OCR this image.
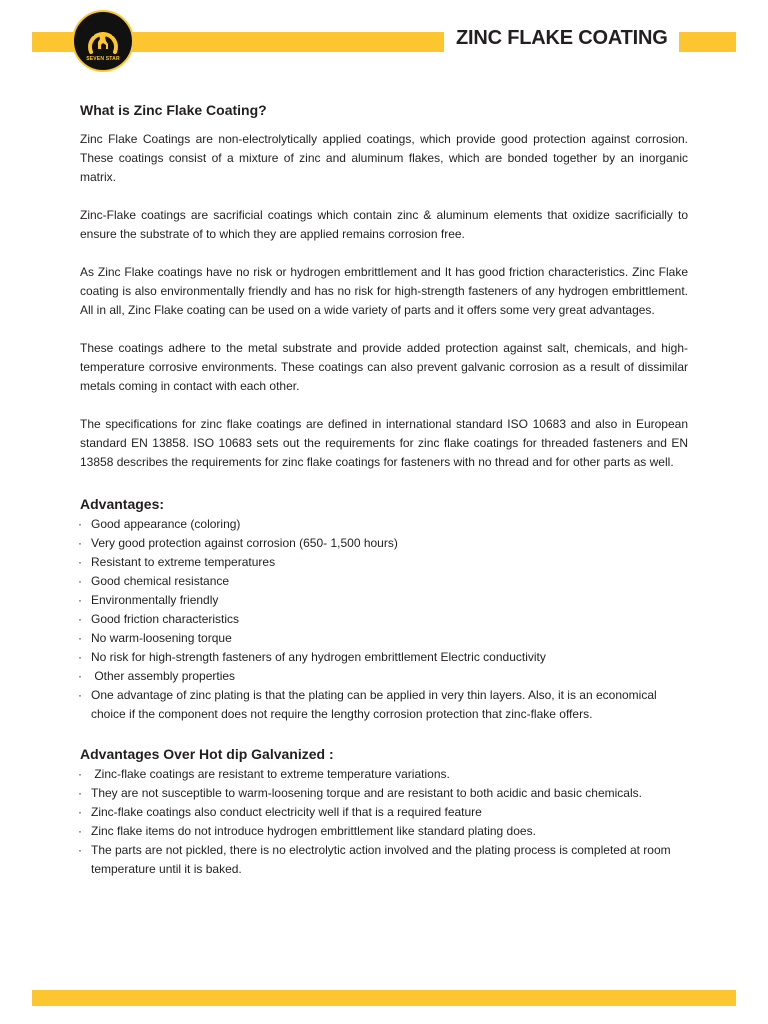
SEVEN STAR
ZINC FLAKE COATING
What is Zinc Flake Coating?

Zinc Flake Coatings are non-electrolytically applied coatings, which provide good protection against corrosion. These coatings consist of a mixture of zinc and aluminum flakes, which are bonded together by an inorganic matrix.

Zinc-Flake coatings are sacrificial coatings which contain zinc & aluminum elements that oxidize sacrificially to ensure the substrate of to which they are applied remains corrosion free.

As Zinc Flake coatings have no risk or hydrogen embrittlement and It has good friction characteristics. Zinc Flake coating is also environmentally friendly and has no risk for high-strength fasteners of any hydrogen embrittlement. All in all, Zinc Flake coating can be used on a wide variety of parts and it offers some very great advantages.

These coatings adhere to the metal substrate and provide added protection against salt, chemicals, and high-temperature corrosive environments. These coatings can also prevent galvanic corrosion as a result of dissimilar metals coming in contact with each other.

The specifications for zinc flake coatings are defined in international standard ISO 10683 and also in European standard EN 13858. ISO 10683 sets out the requirements for zinc flake coatings for threaded fasteners and EN 13858 describes the requirements for zinc flake coatings for fasteners with no thread and for other parts as well.

Advantages:
· Good appearance (coloring)
· Very good protection against corrosion (650- 1,500 hours)
· Resistant to extreme temperatures
· Good chemical resistance
· Environmentally friendly
· Good friction characteristics
· No warm-loosening torque
· No risk for high-strength fasteners of any hydrogen embrittlement Electric conductivity
· Other assembly properties
· One advantage of zinc plating is that the plating can be applied in very thin layers. Also, it is an economical choice if the component does not require the lengthy corrosion protection that zinc-flake offers.
Advantages Over Hot dip Galvanized :
· Zinc-flake coatings are resistant to extreme temperature variations.
· They are not susceptible to warm-loosening torque and are resistant to both acidic and basic chemicals.
· Zinc-flake coatings also conduct electricity well if that is a required feature
· Zinc flake items do not introduce hydrogen embrittlement like standard plating does.
· The parts are not pickled, there is no electrolytic action involved and the plating process is completed at room temperature until it is baked.
